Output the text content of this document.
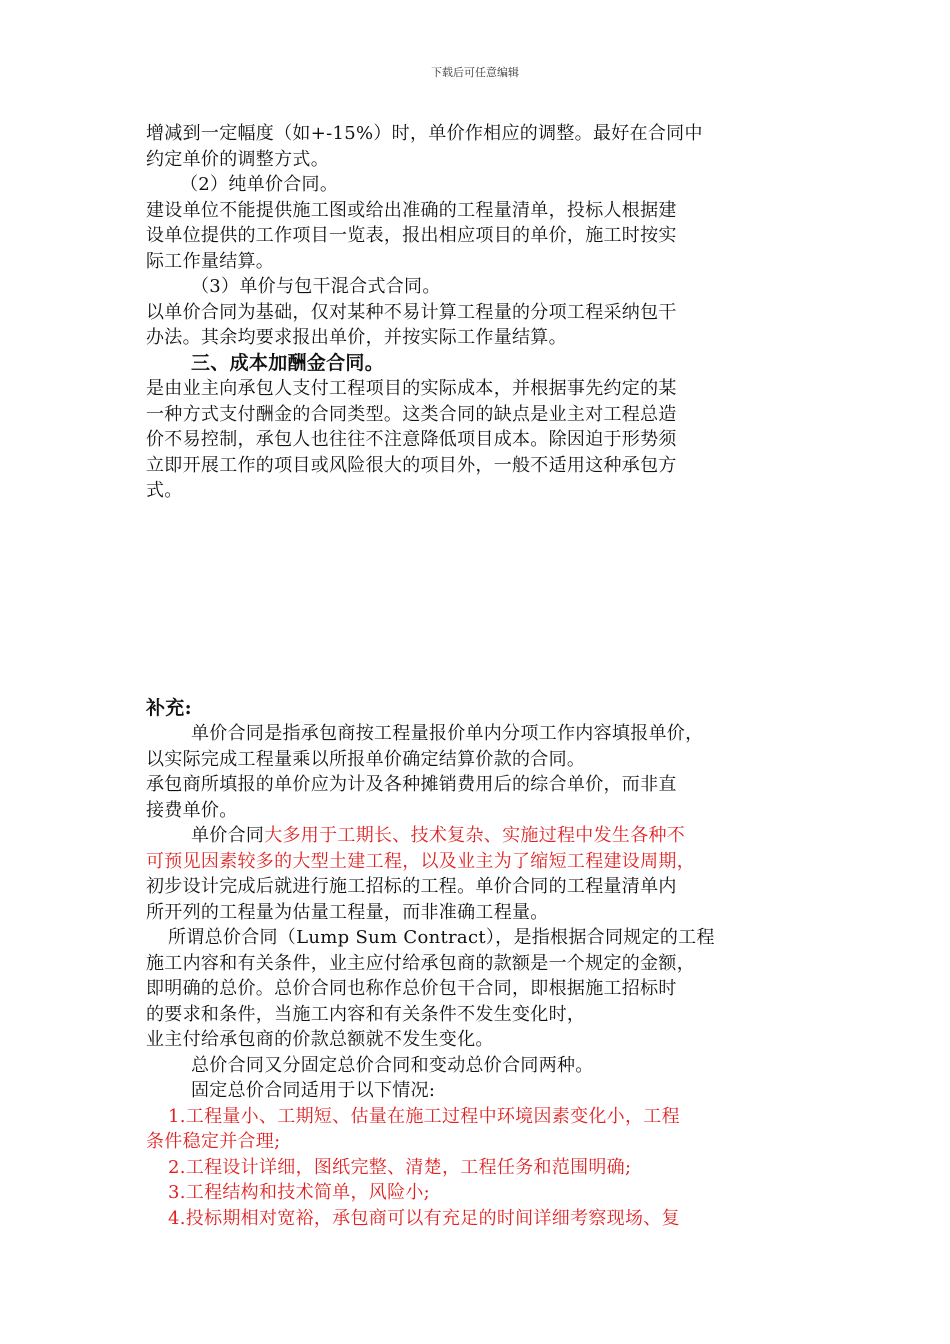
下载后可任意编辑
增减到一定幅度（如+-15%）时，单价作相应的调整。最好在合同中
约定单价的调整方式。
（2）纯单价合同。
建设单位不能提供施工图或给出准确的工程量清单，投标人根据建
设单位提供的工作项目一览表，报出相应项目的单价，施工时按实
际工作量结算。
（3）单价与包干混合式合同。
以单价合同为基础，仅对某种不易计算工程量的分项工程采纳包干
办法。其余均要求报出单价，并按实际工作量结算。
三、成本加酬金合同。
是由业主向承包人支付工程项目的实际成本，并根据事先约定的某
一种方式支付酬金的合同类型。这类合同的缺点是业主对工程总造
价不易控制，承包人也往往不注意降低项目成本。除因迫于形势须
立即开展工作的项目或风险很大的项目外，一般不适用这种承包方
式。
补充:
单价合同是指承包商按工程量报价单内分项工作内容填报单价，
以实际完成工程量乘以所报单价确定结算价款的合同。
承包商所填报的单价应为计及各种摊销费用后的综合单价，而非直
接费单价。
单价合同大多用于工期长、技术复杂、实施过程中发生各种不
可预见因素较多的大型土建工程，以及业主为了缩短工程建设周期，
初步设计完成后就进行施工招标的工程。单价合同的工程量清单内
所开列的工程量为估量工程量，而非准确工程量。
所谓总价合同（Lump Sum Contract），是指根据合同规定的工程
施工内容和有关条件，业主应付给承包商的款额是一个规定的金额，
即明确的总价。总价合同也称作总价包干合同，即根据施工招标时
的要求和条件，当施工内容和有关条件不发生变化时，
业主付给承包商的价款总额就不发生变化。
总价合同又分固定总价合同和变动总价合同两种。
固定总价合同适用于以下情况:
1.工程量小、工期短、估量在施工过程中环境因素变化小，工程
条件稳定并合理;
2.工程设计详细，图纸完整、清楚，工程任务和范围明确;
3.工程结构和技术简单，风险小;
4.投标期相对宽裕，承包商可以有充足的时间详细考察现场、复
